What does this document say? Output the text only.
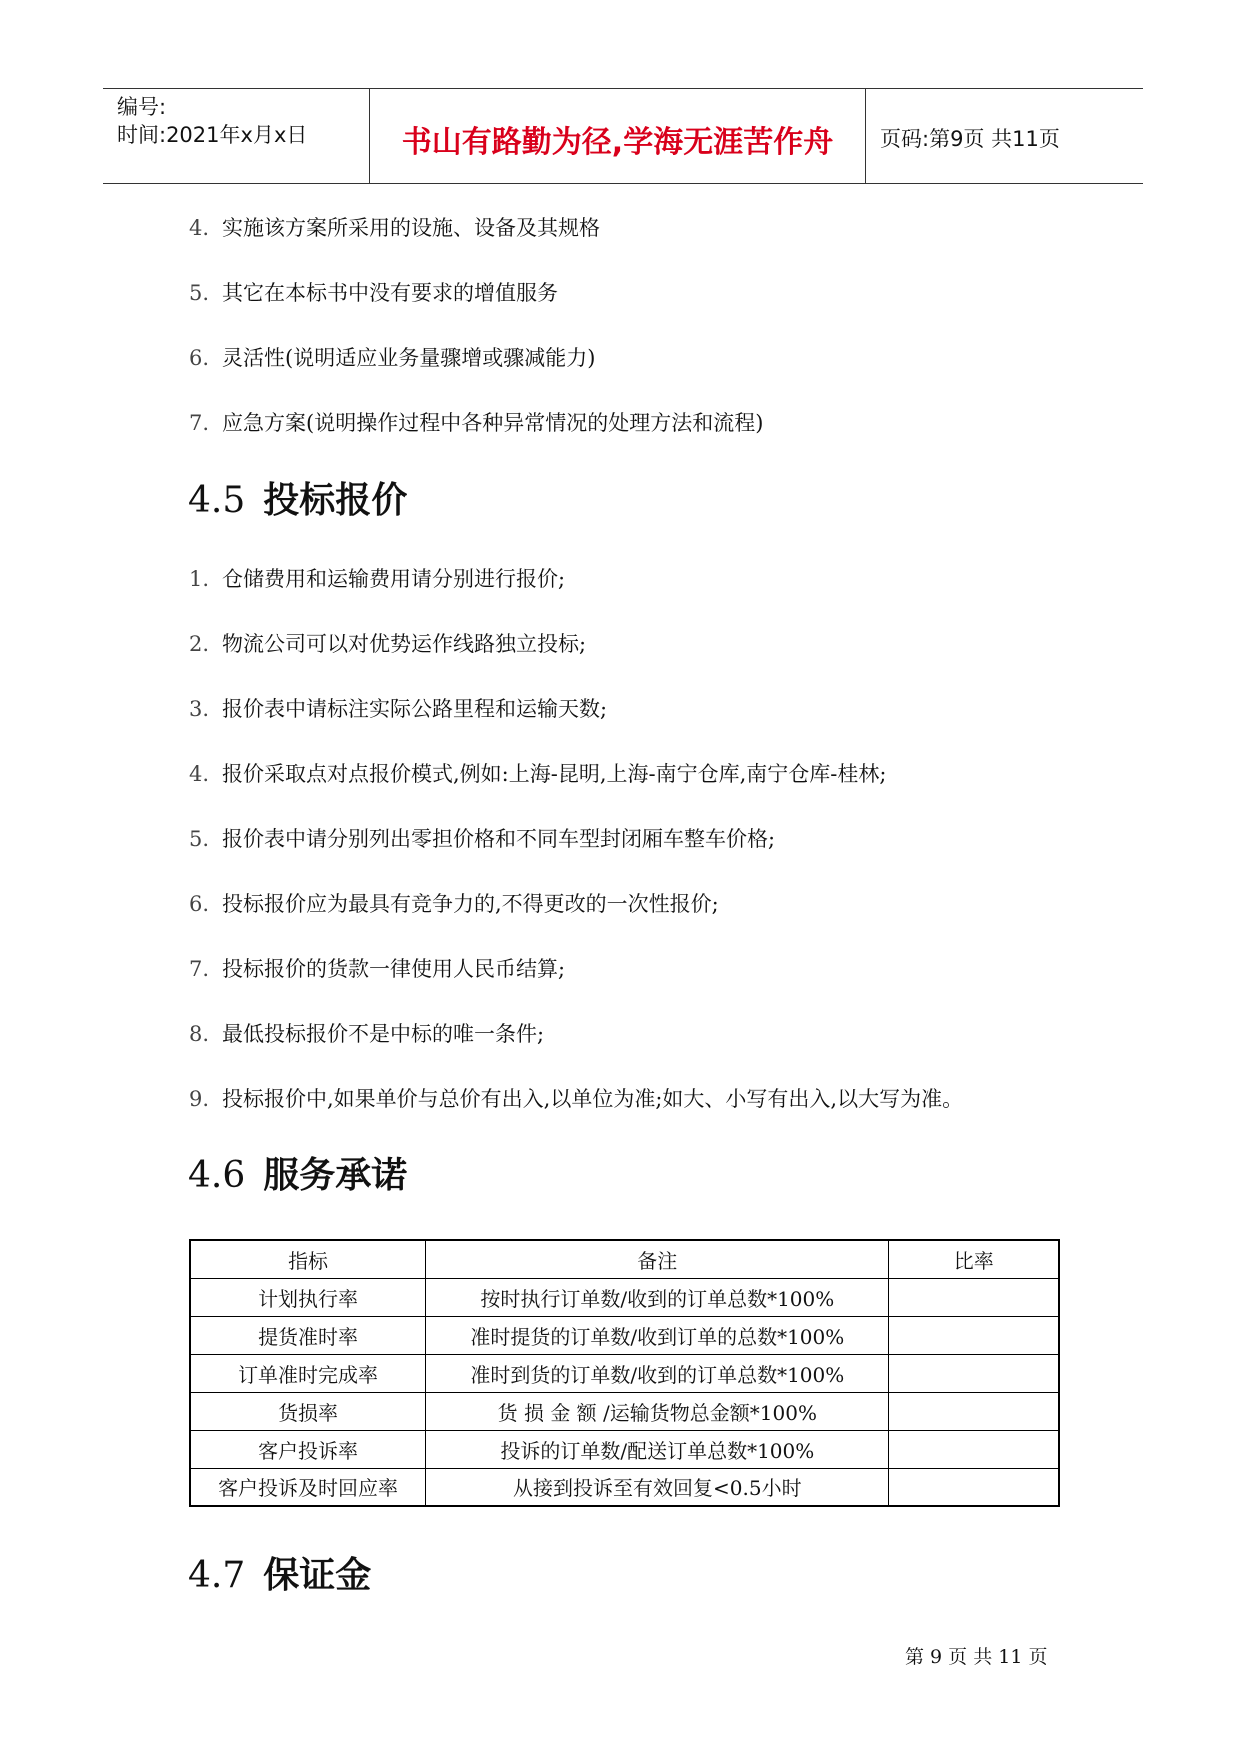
编号:
时间:2021年x月x日	书山有路勤为径,学海无涯苦作舟	页码:第9页 共11页
4. 实施该方案所采用的设施、设备及其规格
5. 其它在本标书中没有要求的增值服务
6. 灵活性(说明适应业务量骤增或骤减能力)
7. 应急方案(说明操作过程中各种异常情况的处理方法和流程)
4.5 投标报价
1. 仓储费用和运输费用请分别进行报价;
2. 物流公司可以对优势运作线路独立投标;
3. 报价表中请标注实际公路里程和运输天数;
4. 报价采取点对点报价模式,例如:上海-昆明,上海-南宁仓库,南宁仓库-桂林;
5. 报价表中请分别列出零担价格和不同车型封闭厢车整车价格;
6. 投标报价应为最具有竞争力的,不得更改的一次性报价;
7. 投标报价的货款一律使用人民币结算;
8. 最低投标报价不是中标的唯一条件;
9. 投标报价中,如果单价与总价有出入,以单位为准;如大、小写有出入,以大写为准。
4.6 服务承诺
指标	备注	比率
计划执行率	按时执行订单数/收到的订单总数*100%	
提货准时率	准时提货的订单数/收到订单的总数*100%	
订单准时完成率	准时到货的订单数/收到的订单总数*100%	
货损率	货 损 金 额 /运输货物总金额*100%	
客户投诉率	投诉的订单数/配送订单总数*100%	
客户投诉及时回应率	从接到投诉至有效回复<0.5小时	
4.7 保证金
第 9 页 共 11 页
